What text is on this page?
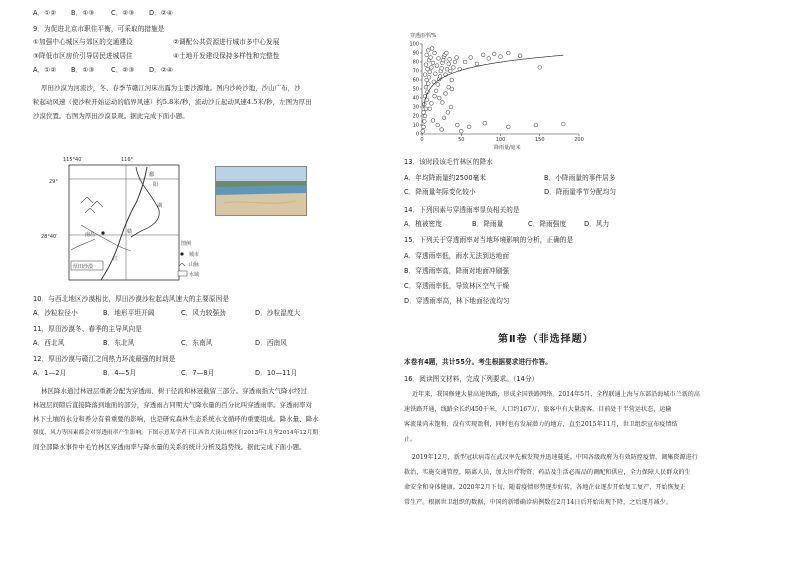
A．①② B．①③	C．②③ D．②④
9．为促进北京市职住平衡，可采取的措施是
①加强中心城区与郊区的交通建设	②调配公共资源进行城市多中心发展
③降低市区房价引导居民进城居住	④土地开发建设保持多样性和完整性
A．①② B．①③	C．②③ D．②④
厚田沙漠为河流沙，冬、春季节赣江河床出露为主要沙源地。图内沙岭沙地，沙山广布，沙
粒起动风速（使沙粒开始运动的临界风速）约5.8米/秒，流动沙丘起动风速4.5米/秒，左图为厚田
沙漠位置。右图为厚田沙漠景观。据此完成下面小题。
115°40′	116°
29°
28°40′
鄱
阳
湖
南昌	赣
江
厚田沙漠
图例
城市
山脉
水域
10．与西北地区沙漠相比，厚田沙漠沙粒起动风速大的主要原因是
A．沙粒粒径小	B．地形平坦开阔	C．风力较强劲	D．沙粒湿度大
11．厚田沙漠冬、春季的主导风向是
A．西北风	B．东北风	C．东南风	D．西南风
12．厚田沙漠与赣江之间热力环流最强的时间是
A．1—2月	B．4—5月	C．7—8月	D．10—11月
林区降水通过林冠层重新分配为穿透雨、树干径流和林冠截留三部分。穿透雨指大气降水经过
林冠层间隙后直接降落到地面的部分，穿透雨占同期大气降水量的百分比叫穿透雨率。穿透雨率对
林下土壤的水分和养分有着重要的影响，也是研究森林生态系统水文循环的重要组成。降水量、降水
强度、风力等因素都会对穿透雨率产生影响。下图示意某学者于江西省大岗山林区自2013年1月至2014年12月期
间全部降水事件中毛竹林区穿透雨率与降水量的关系的统计分析及趋势线。据此完成下面小题。
穿透雨率/%
0	50	100	150	200
0
10
20
30
40
50
60
70
80
90
100
降雨量/毫米
13．该时段该毛竹林区的降水
A．年均降雨量约2500毫米	B．小降雨量的事件居多
C．降雨量年际变化较小	D．降雨量季节分配均匀
14．下列因素与穿透雨率显负相关的是
A．植被密度	B．降雨量	C．降雨强度	D．风力
15．下列关于穿透雨率对当地环境影响的分析，正确的是
A．穿透雨率低，雨水无法到达地面
B．穿透雨率高，降雨对地面冲刷强
C．穿透雨率低，导致林区空气干燥
D．穿透雨率高，林下地面径流均匀
第Ⅱ卷（非选择题）
本卷有4题，共计55分。考生根据要求进行作答。
16．阅读图文材料，完成下列要求。（14分）
近年来，我国修建大量高速铁路，形成全国铁路网络。2014年5月，全程联通上海与东部沿海城市兰新的高
速铁路开通，线路全长约450千米，人口约167万，旅客中有大量游客。目前处于半营运状态，运输
客流量尚未饱和，没有实现盈利，同时也有发展潜力的地方，直至2015年11月，世卫组织宣布疫情结
止。
2019年12月，新型冠状病毒在武汉率先被发现并迅速蔓延。中国各级政府为有效防控疫情，调集资源进行
救治，实施交通管控，隔离人员，加大医疗物资、药品及生活必需品的调配和供应，全力保障人民群众的生
命安全和身体健康。2020年2月下旬，随着疫情形势逐步好转，各地企业逐步开始复工复产，开始恢复正
常生产。根据世卫组织的数据，中国的新增确诊病例数在2月14日后开始出现下降，之后逐月减少。
